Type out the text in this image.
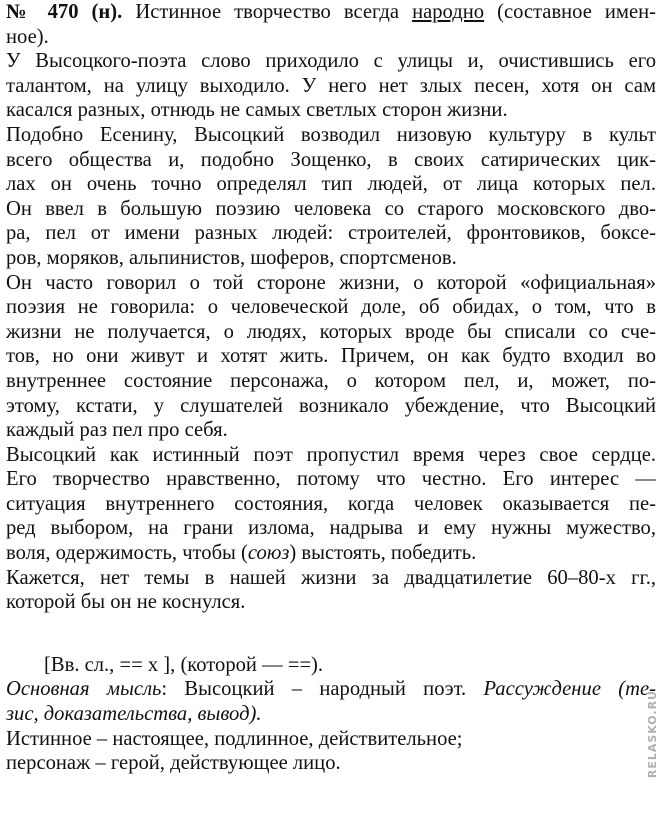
№ 470 (н). Истинное творчество всегда народно (составное имен-
ное).
У Высоцкого-поэта слово приходило с улицы и, очистившись его
талантом, на улицу выходило. У него нет злых песен, хотя он сам
касался разных, отнюдь не самых светлых сторон жизни.
Подобно Есенину, Высоцкий возводил низовую культуру в культ
всего общества и, подобно Зощенко, в своих сатирических цик-
лах он очень точно определял тип людей, от лица которых пел.
Он ввел в большую поэзию человека со старого московского дво-
ра, пел от имени разных людей: строителей, фронтовиков, боксе-
ров, моряков, альпинистов, шоферов, спортсменов.
Он часто говорил о той стороне жизни, о которой «официальная»
поэзия не говорила: о человеческой доле, об обидах, о том, что в
жизни не получается, о людях, которых вроде бы списали со сче-
тов, но они живут и хотят жить. Причем, он как будто входил во
внутреннее состояние персонажа, о котором пел, и, может, по-
этому, кстати, у слушателей возникало убеждение, что Высоцкий
каждый раз пел про себя.
Высоцкий как истинный поэт пропустил время через свое сердце.
Его творчество нравственно, потому что честно. Его интерес —
ситуация внутреннего состояния, когда человек оказывается пе-
ред выбором, на грани излома, надрыва и ему нужны мужество,
воля, одержимость, чтобы (союз) выстоять, победить.
Кажется, нет темы в нашей жизни за двадцатилетие 60–80-х гг.,
которой бы он не коснулся.
[Вв. сл., == х ], (которой — ==).
Основная мысль: Высоцкий – народный поэт. Рассуждение (те-
зис, доказательства, вывод).
Истинное – настоящее, подлинное, действительное;
персонаж – герой, действующее лицо.	RELASKO.RU
